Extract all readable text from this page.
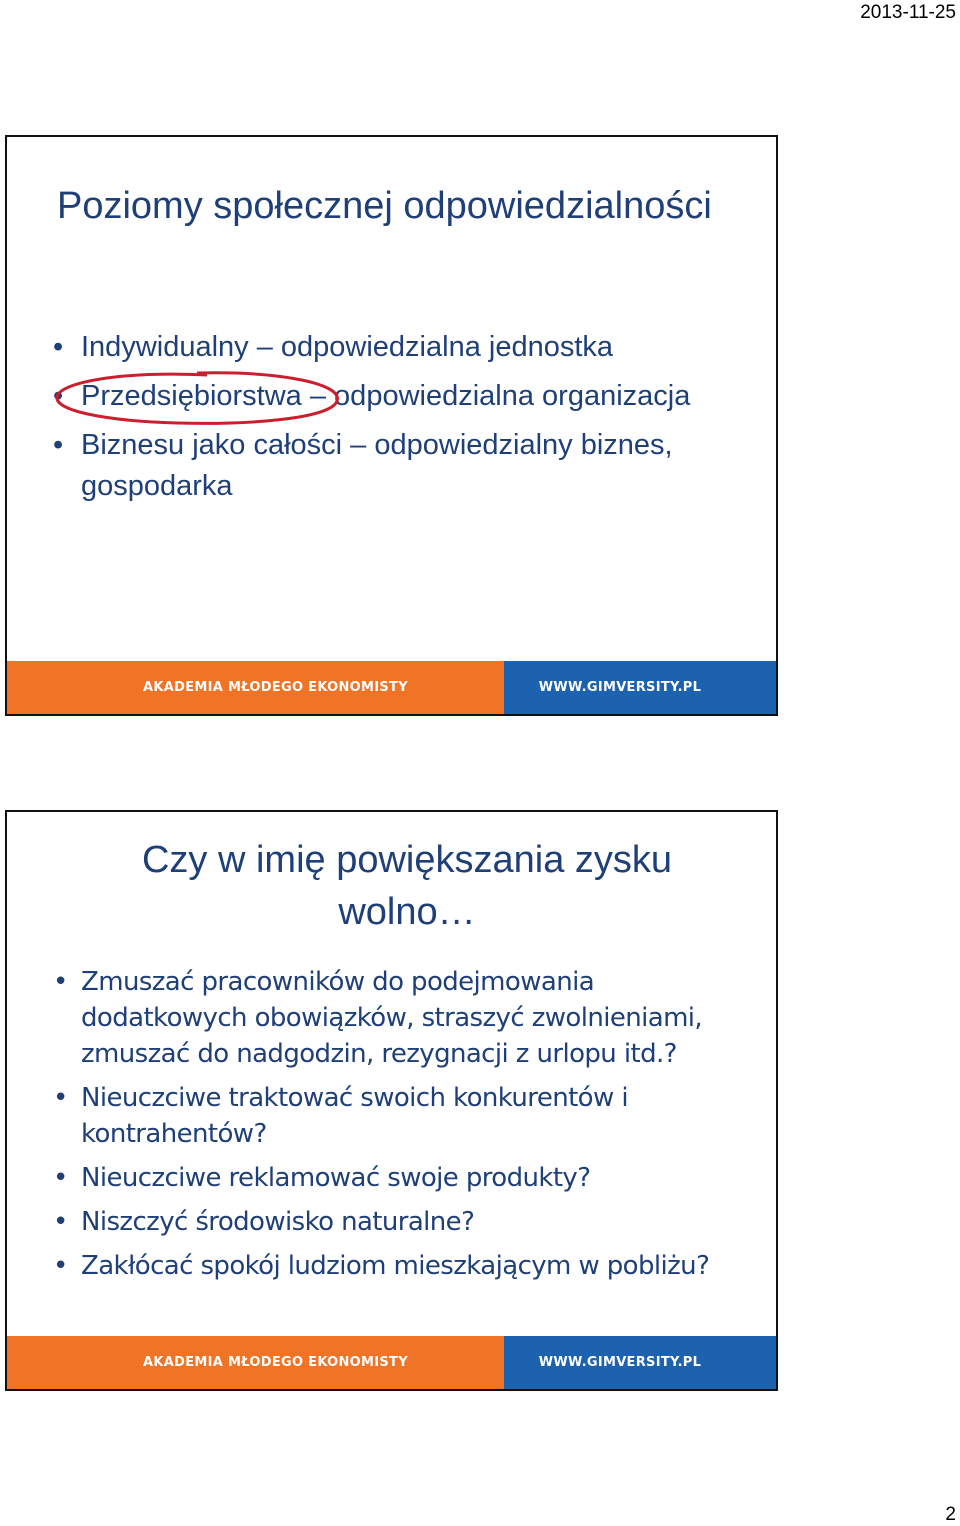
2013-11-25
Poziomy społecznej odpowiedzialności
• Indywidualny – odpowiedzialna jednostka
• Przedsiębiorstwa – odpowiedzialna organizacja
• Biznesu jako całości – odpowiedzialny biznes, gospodarka
AKADEMIA MŁODEGO EKONOMISTY	WWW.GIMVERSITY.PL
Czy w imię powiększania zysku
wolno…
• Zmuszać pracowników do podejmowania dodatkowych obowiązków, straszyć zwolnieniami, zmuszać do nadgodzin, rezygnacji z urlopu itd.?
• Nieuczciwe traktować swoich konkurentów i kontrahentów?
• Nieuczciwe reklamować swoje produkty?
• Niszczyć środowisko naturalne?
• Zakłócać spokój ludziom mieszkającym w pobliżu?
AKADEMIA MŁODEGO EKONOMISTY	WWW.GIMVERSITY.PL
2
